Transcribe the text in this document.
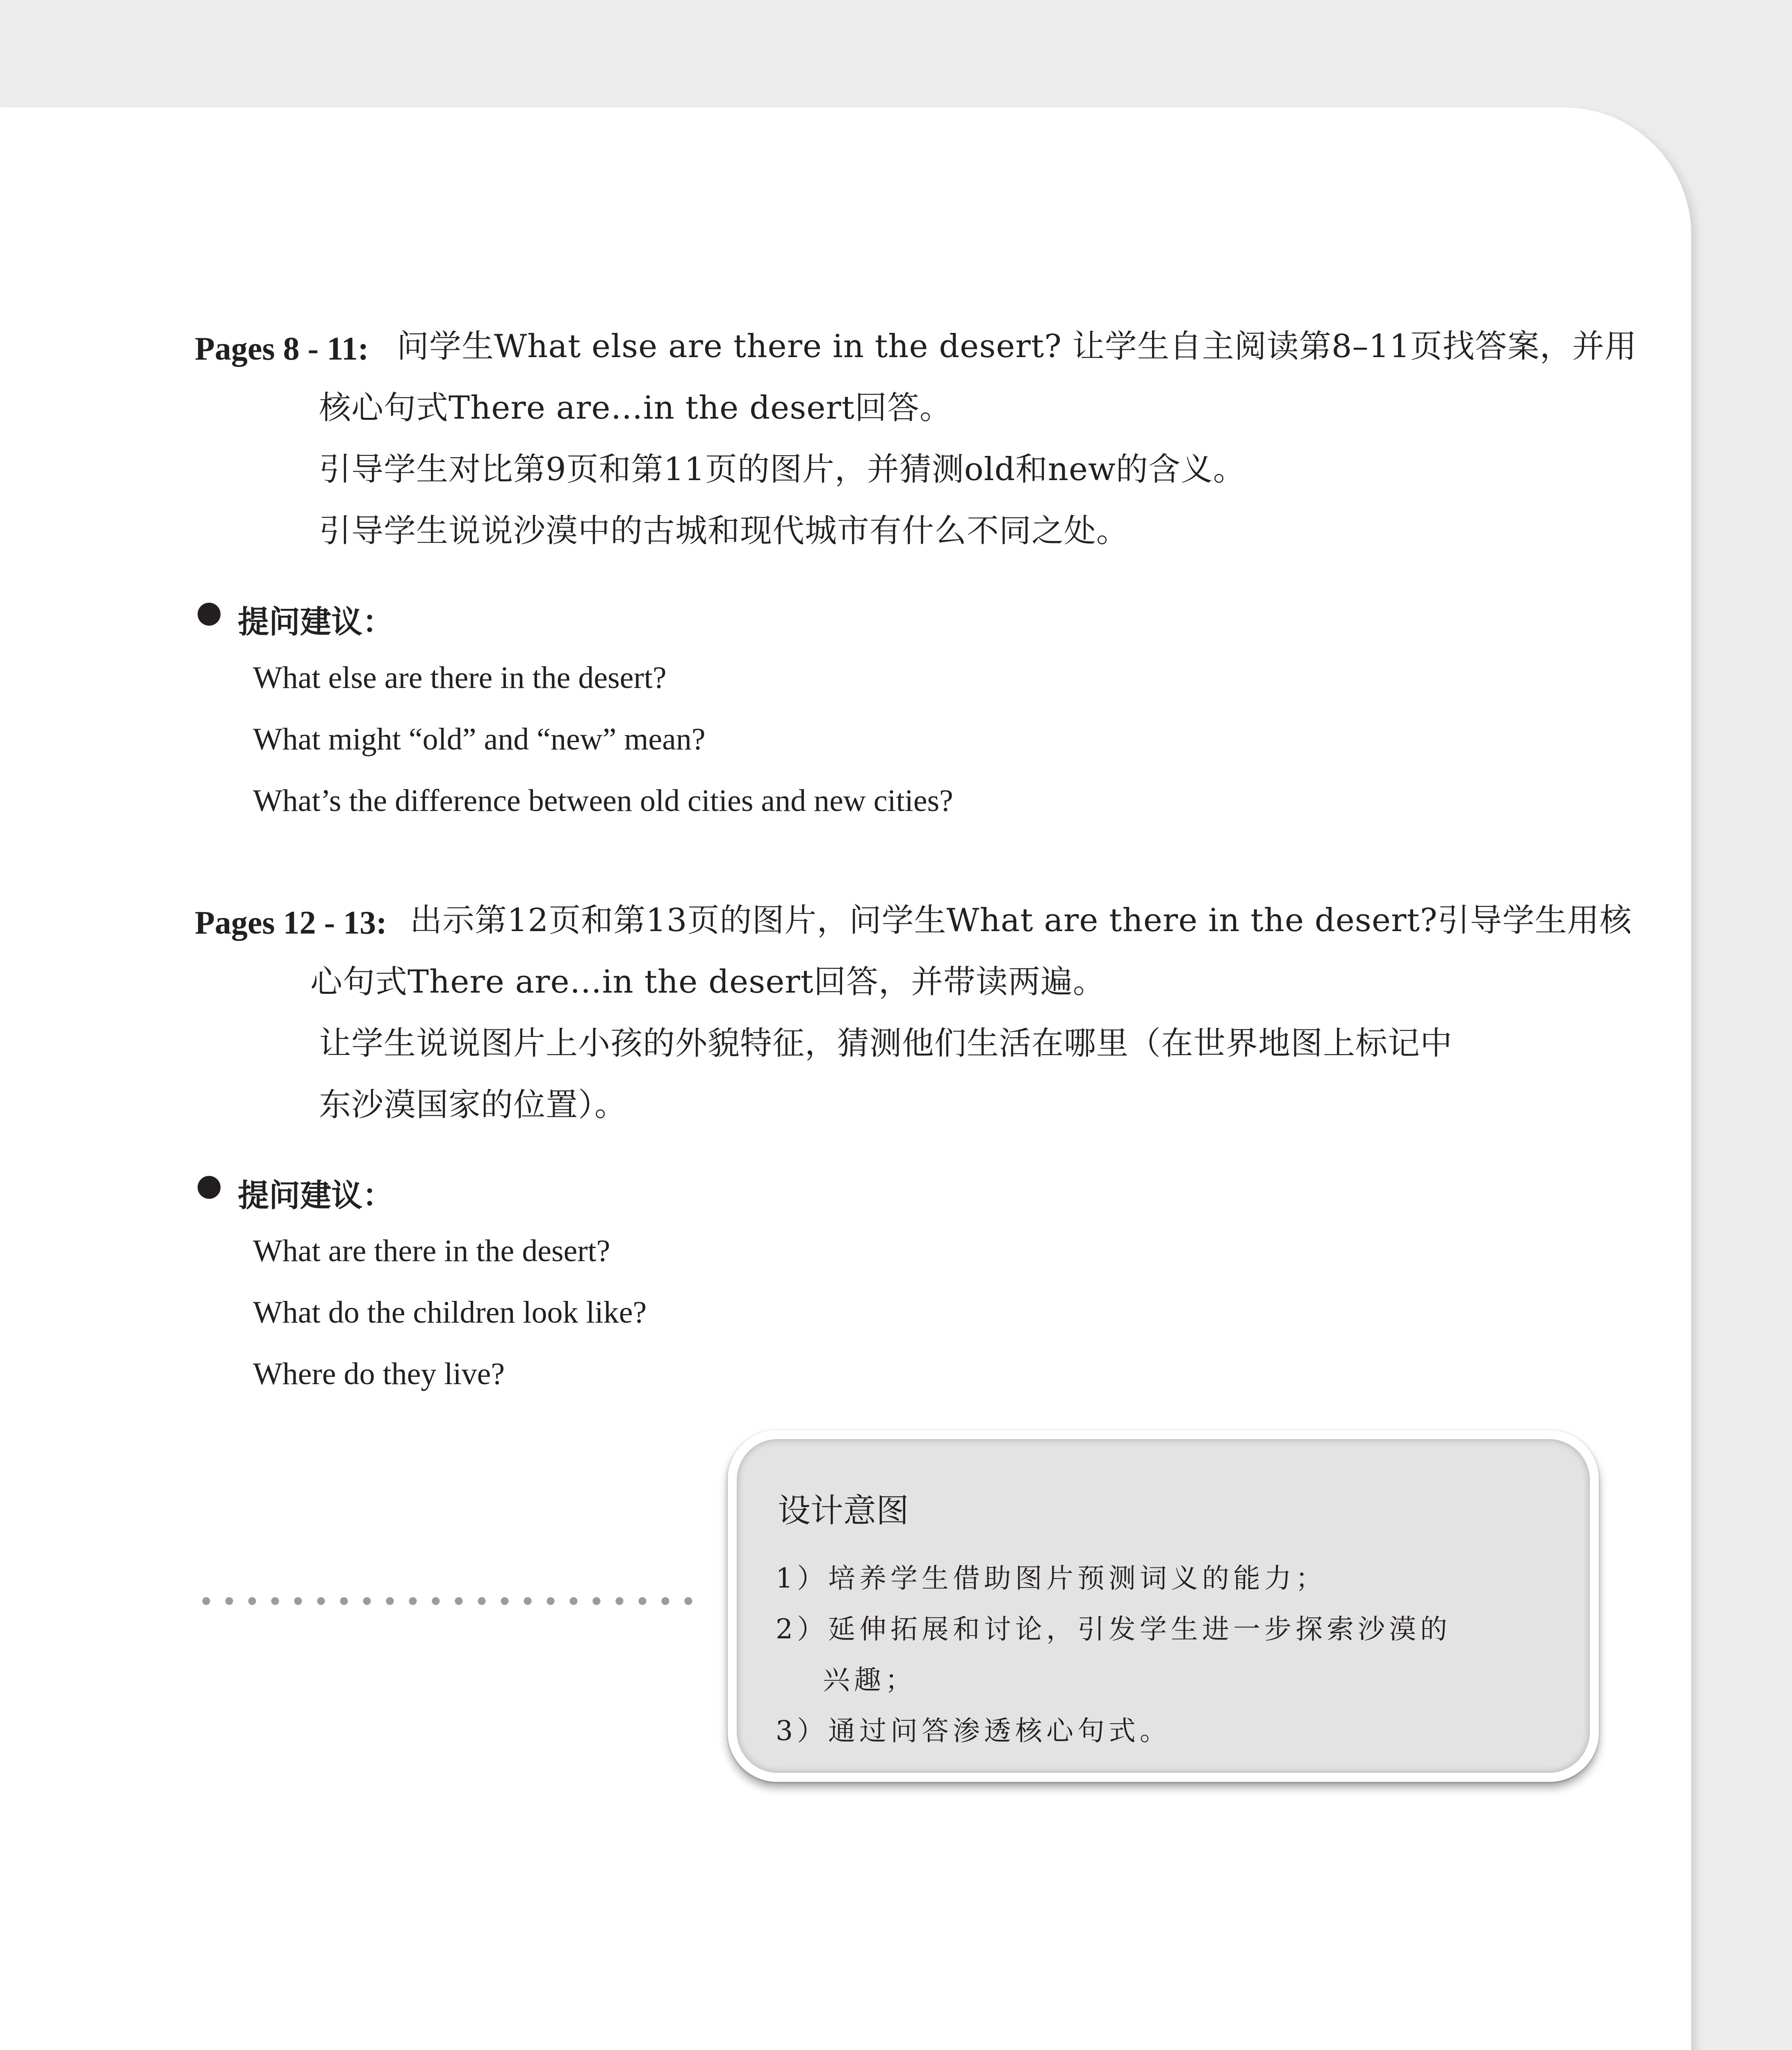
Pages 8 - 11: 问学生What else are there in the desert? 让学生自主阅读第8–11页找答案，并用
核心句式There are…in the desert回答。
引导学生对比第9页和第11页的图片，并猜测old和new的含义。
引导学生说说沙漠中的古城和现代城市有什么不同之处。
提问建议：
What else are there in the desert?
What might “old” and “new” mean?
What’s the difference between old cities and new cities?
Pages 12 - 13: 出示第12页和第13页的图片，问学生What are there in the desert?引导学生用核
心句式There are…in the desert回答，并带读两遍。
让学生说说图片上小孩的外貌特征，猜测他们生活在哪里（在世界地图上标记中
东沙漠国家的位置）。
提问建议：
What are there in the desert?
What do the children look like?
Where do they live?
设计意图
1）培养学生借助图片预测词义的能力；
2）延伸拓展和讨论，引发学生进一步探索沙漠的
兴趣；
3）通过问答渗透核心句式。
